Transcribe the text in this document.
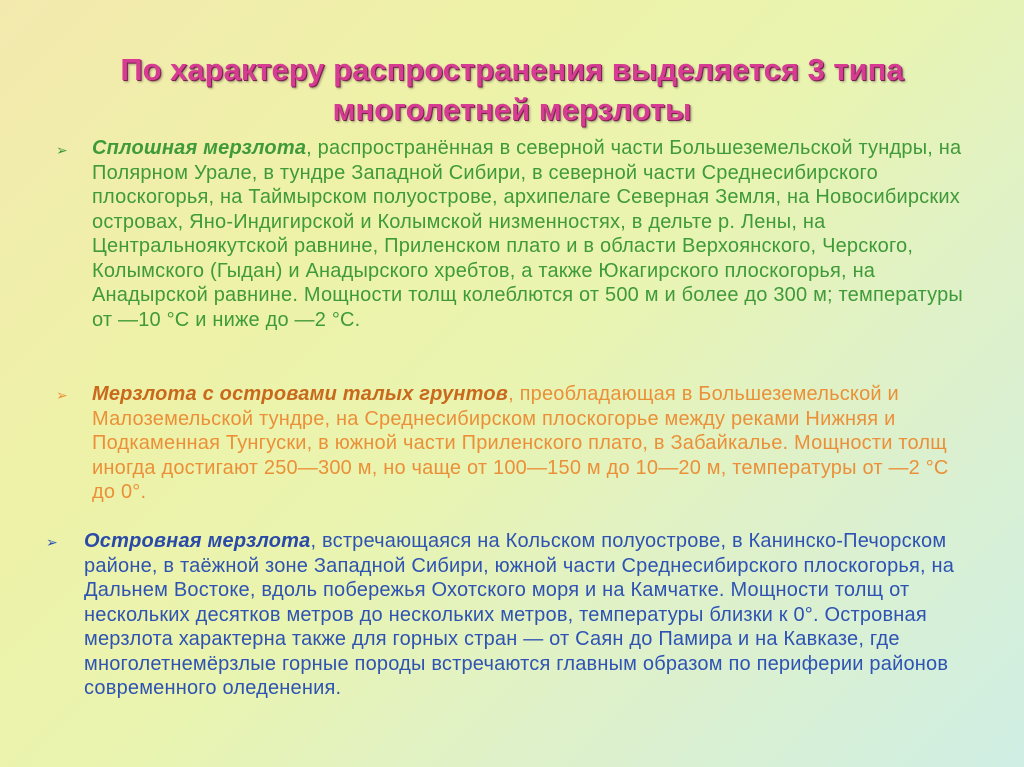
По характеру распространения выделяется 3 типа
многолетней мерзлоты
➢ Сплошная мерзлота, распространённая в северной части Большеземельской тундры, на Полярном Урале, в тундре Западной Сибири, в северной части Среднесибирского плоскогорья, на Таймырском полуострове, архипелаге Северная Земля, на Новосибирских островах, Яно-Индигирской и Колымской низменностях, в дельте р. Лены, на Центральноякутской равнине, Приленском плато и в области Верхоянского, Черского, Колымского (Гыдан) и Анадырского хребтов, а также Юкагирского плоскогорья, на Анадырской равнине. Мощности толщ колеблются от 500 м и более до 300 м; температуры от —10 °С и ниже до —2 °С.
➢ Мерзлота с островами талых грунтов, преобладающая в Большеземельской и Малоземельской тундре, на Среднесибирском плоскогорье между реками Нижняя и Подкаменная Тунгуски, в южной части Приленского плато, в Забайкалье. Мощности толщ иногда достигают 250—300 м, но чаще от 100—150 м до 10—20 м, температуры от —2 °С до 0°.
➢ Островная мерзлота, встречающаяся на Кольском полуострове, в Канинско-Печорском районе, в таёжной зоне Западной Сибири, южной части Среднесибирского плоскогорья, на Дальнем Востоке, вдоль побережья Охотского моря и на Камчатке. Мощности толщ от нескольких десятков метров до нескольких метров, температуры близки к 0°. Островная мерзлота характерна также для горных стран — от Саян до Памира и на Кавказе, где многолетнемёрзлые горные породы встречаются главным образом по периферии районов современного оледенения.
